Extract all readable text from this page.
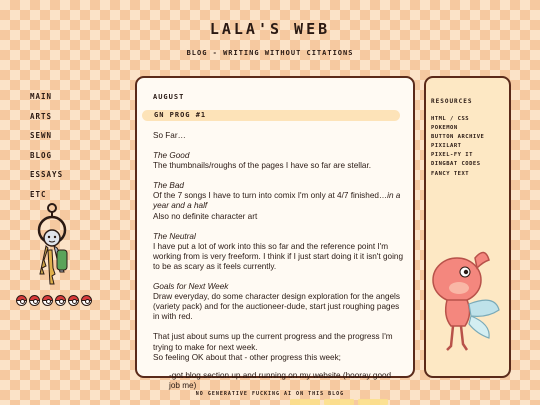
LALA'S WEB
BLOG - WRITING WITHOUT CITATIONS
MAIN
ARTS
SEWN
BLOG
ESSAYS
ETC
AUGUST
GN PROG #1

So Far…

The Good
The thumbnails/roughs of the pages I have so far are stellar.

The Bad
Of the 7 songs I have to turn into comix I'm only at 4/7 finished…in a year and a half
Also no definite character art

The Neutral
I have put a lot of work into this so far and the reference point I'm working from is very freeform. I think if I just start doing it it isn't going to be as scary as it feels currently.

Goals for Next Week
Draw everyday, do some character design exploration for the angels (variety pack) and for the auctioneer-dude, start just roughing pages in with red.

That just about sums up the current progress and the progress I'm trying to make for next week.
So feeling OK about that - other progress this week;

-got blog section up and running on my website (hooray good job me)

RESOURCES
HTML / CSS
POKEMON
BUTTON ARCHIVE
PIXILART
PIXEL-FY IT
DINGBAT CODES
FANCY TEXT
NO GENERATIVE FUCKING AI ON THIS BLOG
